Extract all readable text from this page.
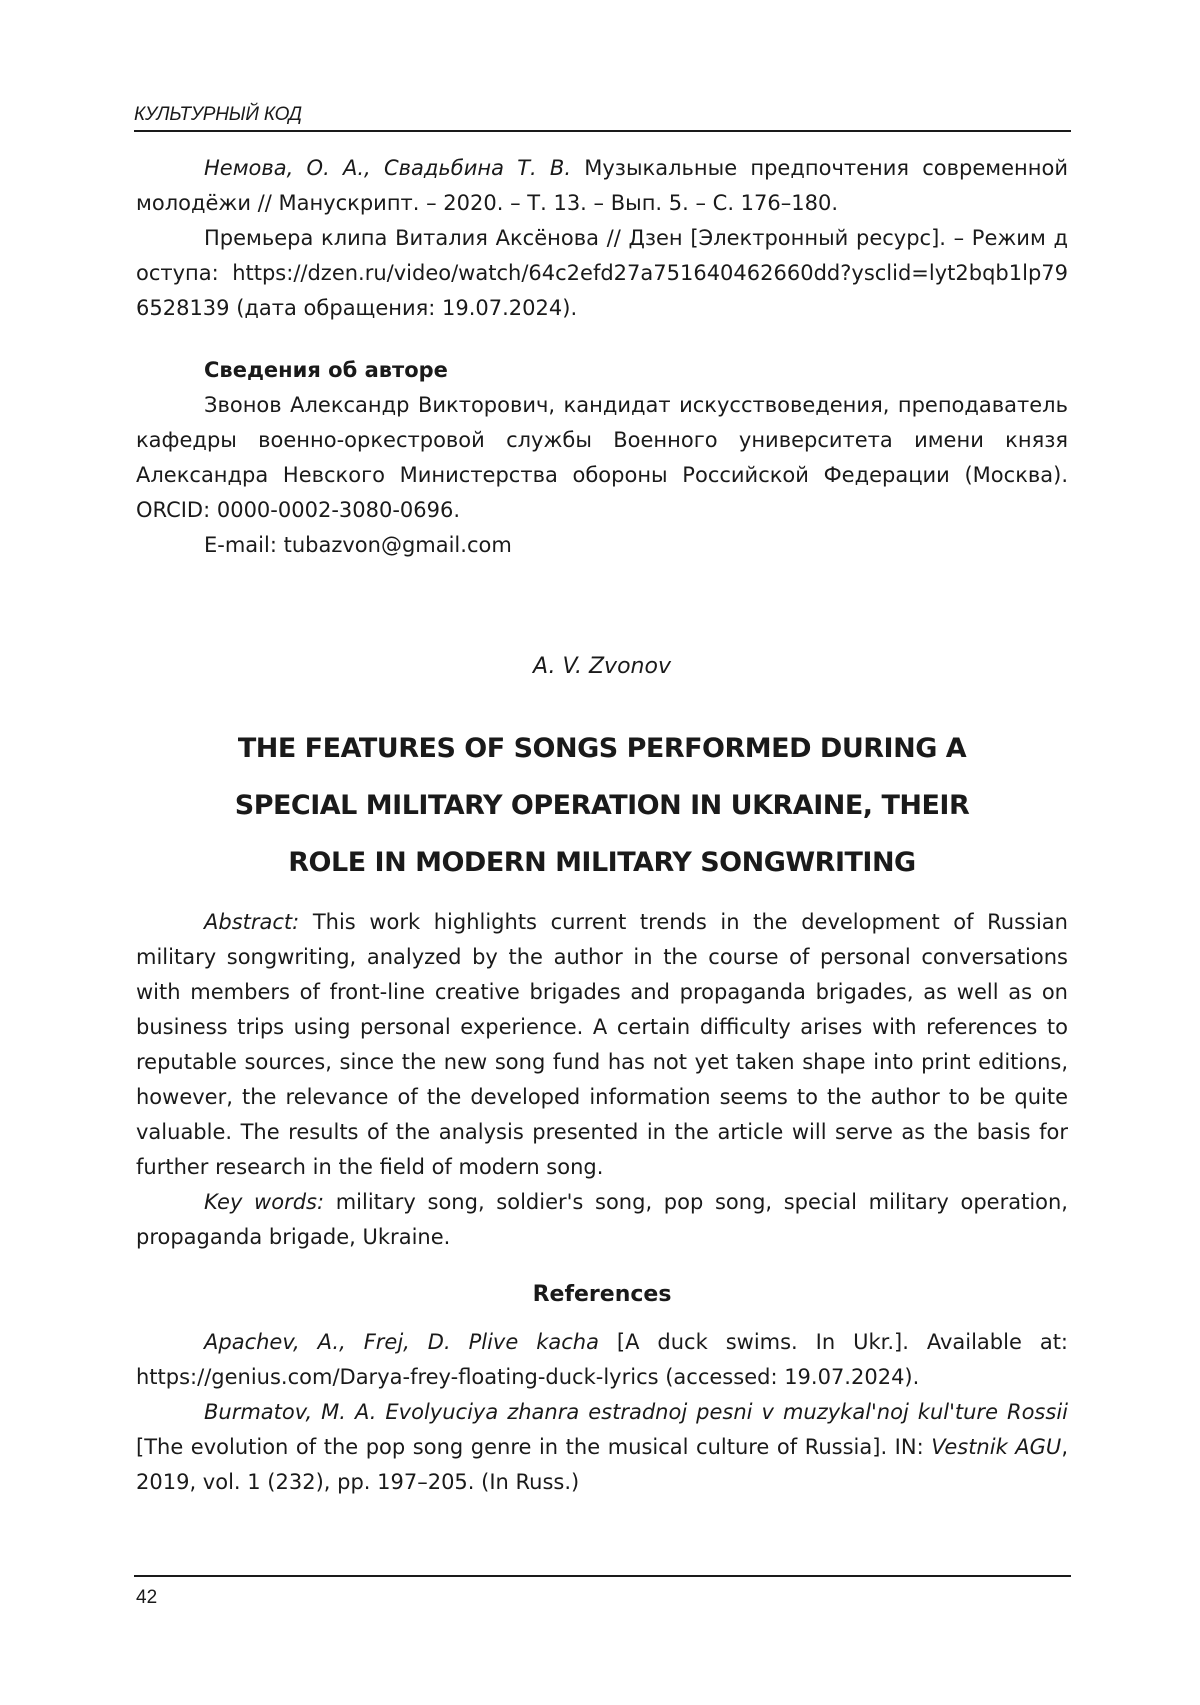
КУЛЬТУРНЫЙ КОД

Немова, О. А., Свадьбина Т. В. Музыкальные предпочтения современной молодёжи // Манускрипт. – 2020. – Т. 13. – Вып. 5. – С. 176–180.

Премьера клипа Виталия Аксёнова // Дзен [Электронный ресурс]. – Режим доступа: https://dzen.ru/video/watch/64c2efd27a751640462660dd?ysclid=lyt2bqb1lp796528139 (дата обращения: 19.07.2024).

Сведения об авторе

Звонов Александр Викторович, кандидат искусствоведения, преподаватель кафедры военно-оркестровой службы Военного университета имени князя Александра Невского Министерства обороны Российской Федерации (Москва). ORCID: 0000-0002-3080-0696.

E-mail: tubazvon@gmail.com

A. V. Zvonov

THE FEATURES OF SONGS PERFORMED DURING A SPECIAL MILITARY OPERATION IN UKRAINE, THEIR ROLE IN MODERN MILITARY SONGWRITING

Abstract: This work highlights current trends in the development of Russian military songwriting, analyzed by the author in the course of personal conversations with members of front-line creative brigades and propaganda brigades, as well as on business trips using personal experience. A certain difficulty arises with references to reputable sources, since the new song fund has not yet taken shape into print editions, however, the relevance of the developed information seems to the author to be quite valuable. The results of the analysis presented in the article will serve as the basis for further research in the field of modern song.

Key words: military song, soldier's song, pop song, special military operation, propaganda brigade, Ukraine.

References

Apachev, A., Frej, D. Plive kacha [A duck swims. In Ukr.]. Available at: https://genius.com/Darya-frey-floating-duck-lyrics (accessed: 19.07.2024).

Burmatov, M. A. Evolyuciya zhanra estradnoj pesni v muzykal'noj kul'ture Rossii [The evolution of the pop song genre in the musical culture of Russia]. IN: Vestnik AGU, 2019, vol. 1 (232), pp. 197–205. (In Russ.)

42
